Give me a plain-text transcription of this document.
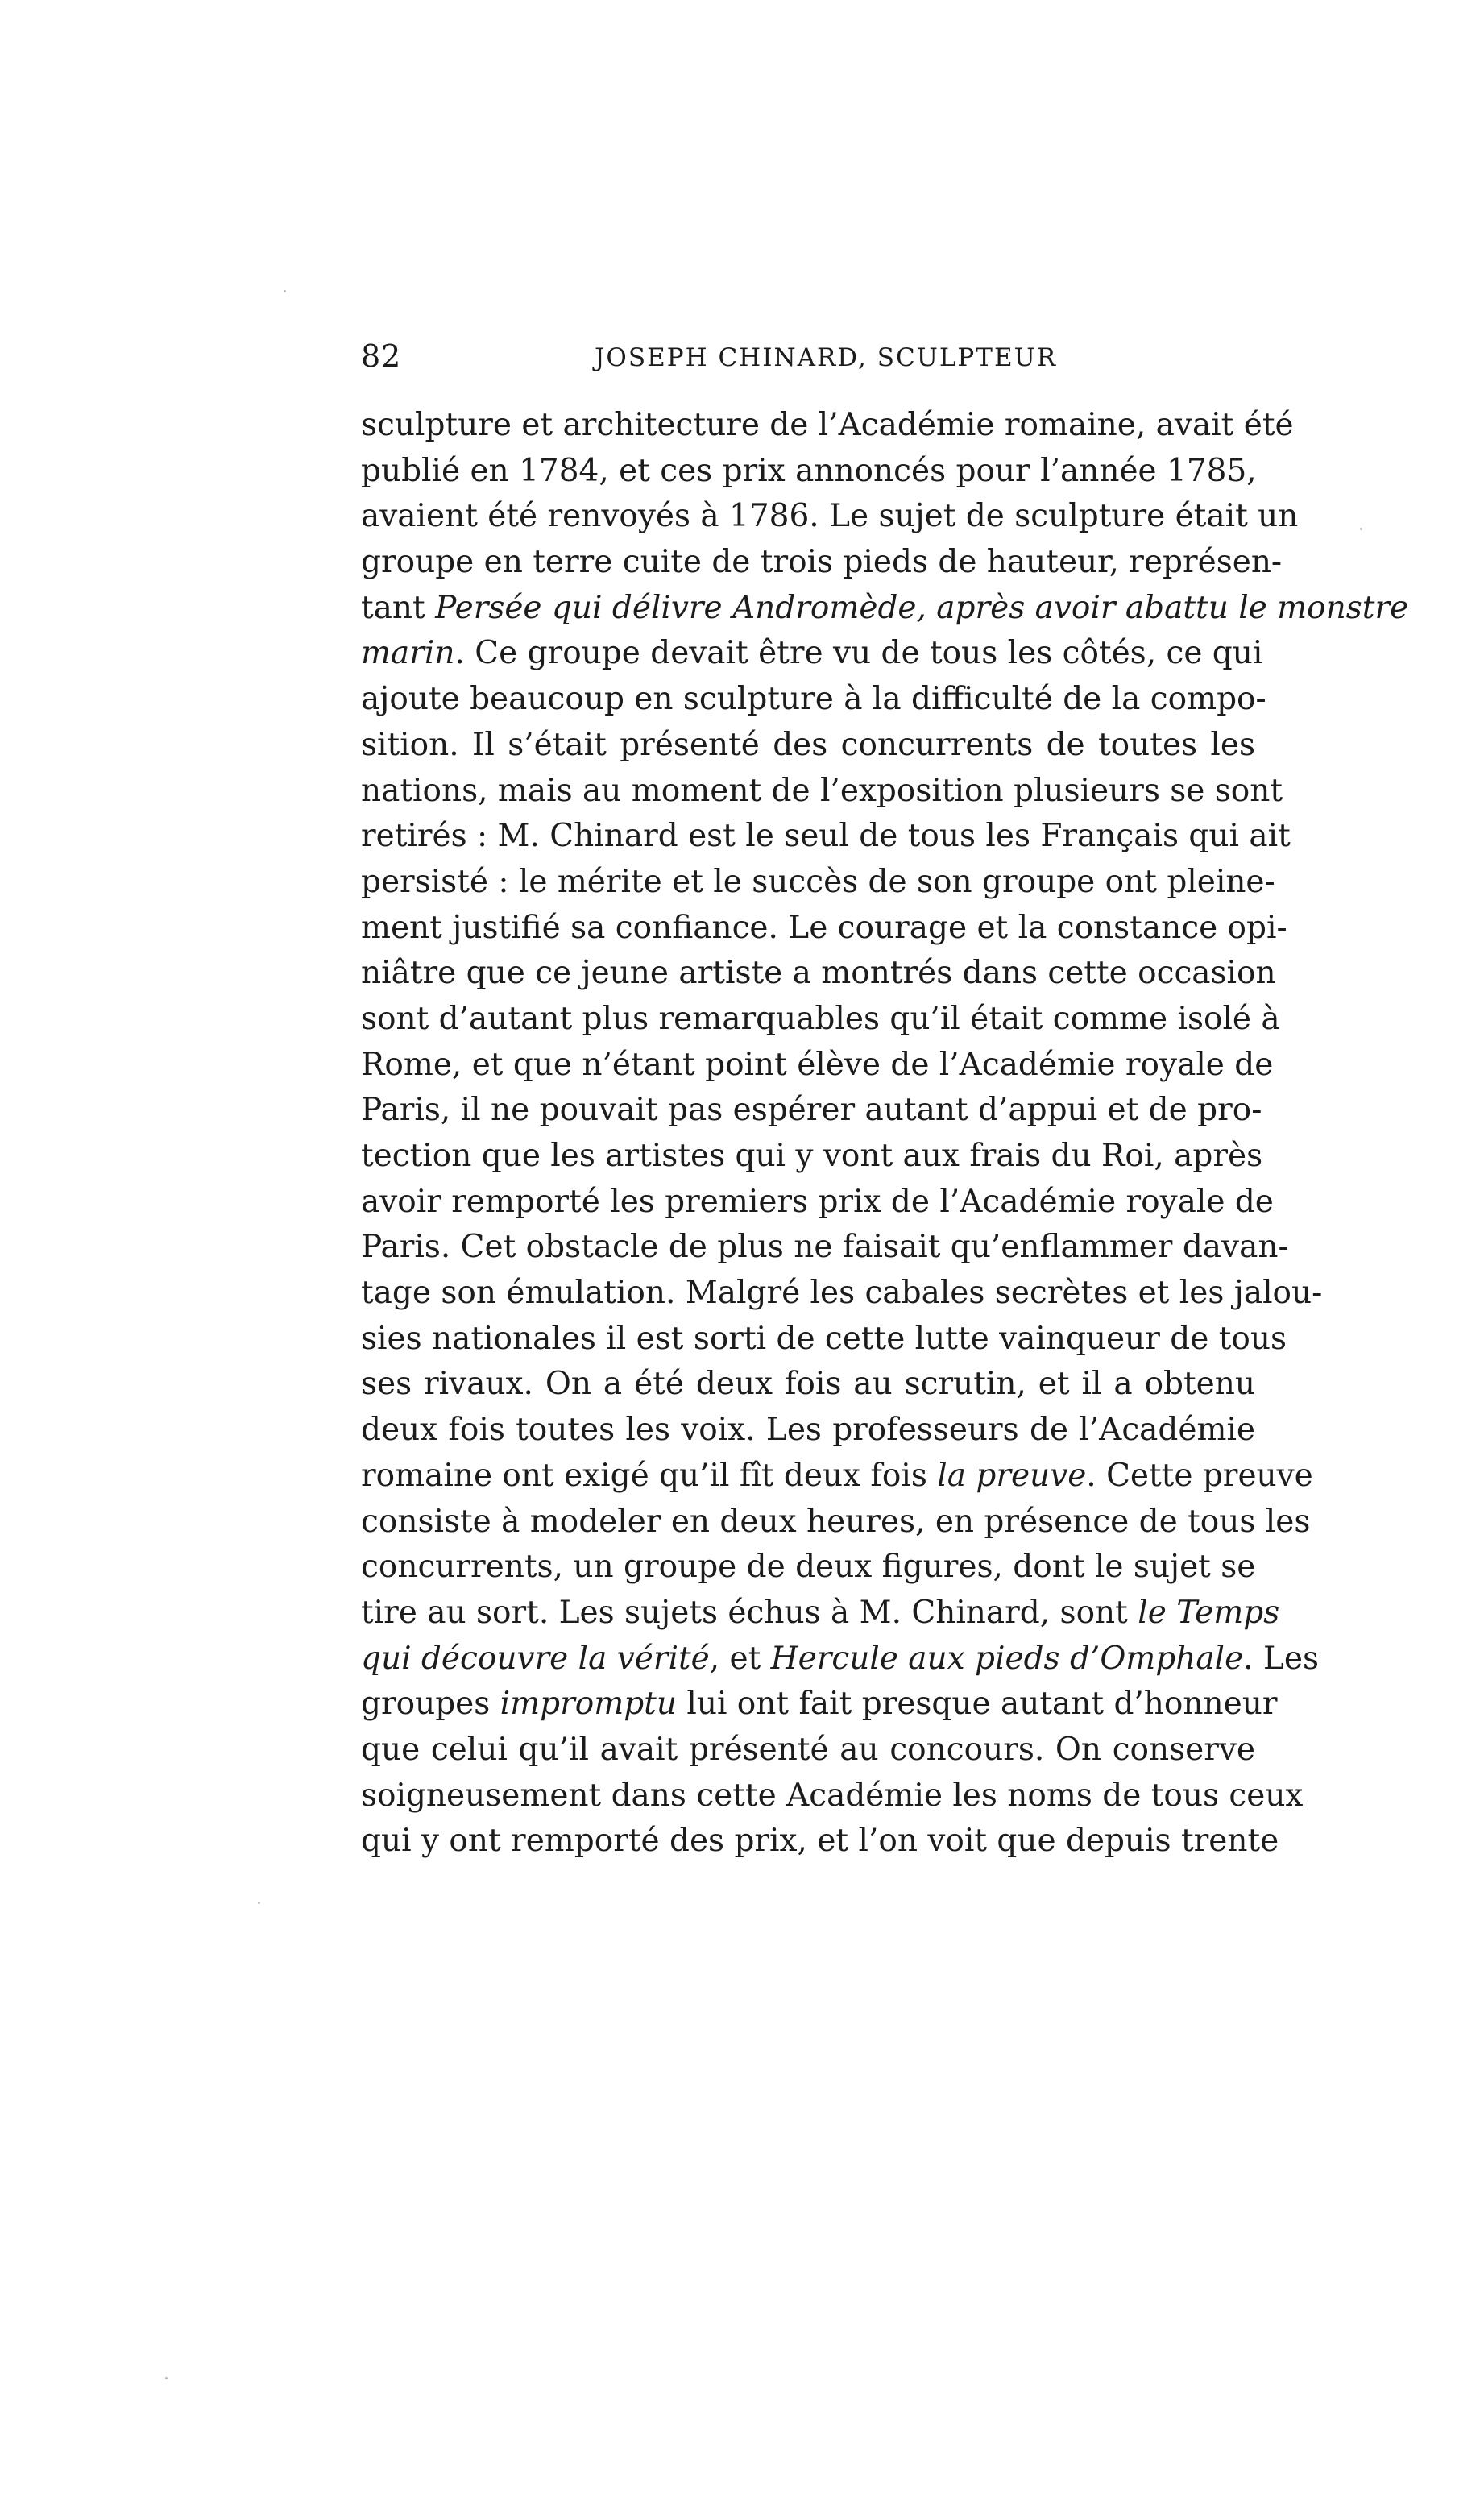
82	JOSEPH CHINARD, SCULPTEUR
sculpture et architecture de l’Académie romaine, avait été
publié en 1784, et ces prix annoncés pour l’année 1785,
avaient été renvoyés à 1786. Le sujet de sculpture était un
groupe en terre cuite de trois pieds de hauteur, représen-
tant Persée qui délivre Andromède, après avoir abattu le monstre
marin. Ce groupe devait être vu de tous les côtés, ce qui
ajoute beaucoup en sculpture à la difficulté de la compo-
sition. Il s’était présenté des concurrents de toutes les
nations, mais au moment de l’exposition plusieurs se sont
retirés : M. Chinard est le seul de tous les Français qui ait
persisté : le mérite et le succès de son groupe ont pleine-
ment justifié sa confiance. Le courage et la constance opi-
niâtre que ce jeune artiste a montrés dans cette occasion
sont d’autant plus remarquables qu’il était comme isolé à
Rome, et que n’étant point élève de l’Académie royale de
Paris, il ne pouvait pas espérer autant d’appui et de pro-
tection que les artistes qui y vont aux frais du Roi, après
avoir remporté les premiers prix de l’Académie royale de
Paris. Cet obstacle de plus ne faisait qu’enflammer davan-
tage son émulation. Malgré les cabales secrètes et les jalou-
sies nationales il est sorti de cette lutte vainqueur de tous
ses rivaux. On a été deux fois au scrutin, et il a obtenu
deux fois toutes les voix. Les professeurs de l’Académie
romaine ont exigé qu’il fît deux fois la preuve. Cette preuve
consiste à modeler en deux heures, en présence de tous les
concurrents, un groupe de deux figures, dont le sujet se
tire au sort. Les sujets échus à M. Chinard, sont le Temps
qui découvre la vérité, et Hercule aux pieds d’Omphale. Les
groupes impromptu lui ont fait presque autant d’honneur
que celui qu’il avait présenté au concours. On conserve
soigneusement dans cette Académie les noms de tous ceux
qui y ont remporté des prix, et l’on voit que depuis trente
